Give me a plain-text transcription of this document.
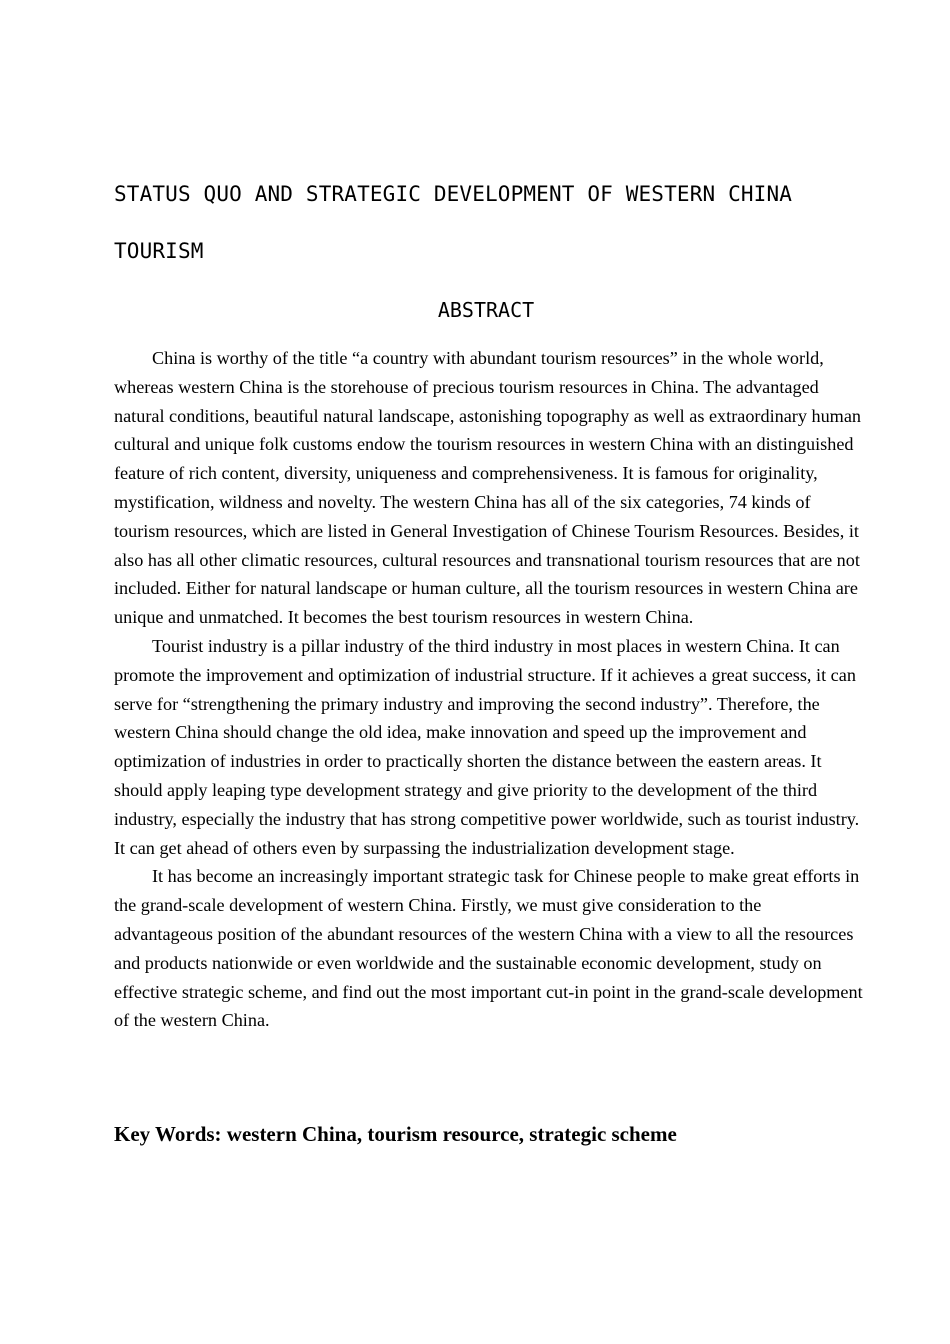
STATUS QUO AND STRATEGIC DEVELOPMENT OF WESTERN CHINA TOURISM
ABSTRACT

China is worthy of the title “a country with abundant tourism resources” in the whole world, whereas western China is the storehouse of precious tourism resources in China. The advantaged natural conditions, beautiful natural landscape, astonishing topography as well as extraordinary human cultural and unique folk customs endow the tourism resources in western China with an distinguished feature of rich content, diversity, uniqueness and comprehensiveness. It is famous for originality, mystification, wildness and novelty. The western China has all of the six categories, 74 kinds of tourism resources, which are listed in General Investigation of Chinese Tourism Resources. Besides, it also has all other climatic resources, cultural resources and transnational tourism resources that are not included. Either for natural landscape or human culture, all the tourism resources in western China are unique and unmatched. It becomes the best tourism resources in western China.

Tourist industry is a pillar industry of the third industry in most places in western China. It can promote the improvement and optimization of industrial structure. If it achieves a great success, it can serve for “strengthening the primary industry and improving the second industry”. Therefore, the western China should change the old idea, make innovation and speed up the improvement and optimization of industries in order to practically shorten the distance between the eastern areas. It should apply leaping type development strategy and give priority to the development of the third industry, especially the industry that has strong competitive power worldwide, such as tourist industry. It can get ahead of others even by surpassing the industrialization development stage.

It has become an increasingly important strategic task for Chinese people to make great efforts in the grand-scale development of western China. Firstly, we must give consideration to the advantageous position of the abundant resources of the western China with a view to all the resources and products nationwide or even worldwide and the sustainable economic development, study on effective strategic scheme, and find out the most important cut-in point in the grand-scale development of the western China.

Key Words: western China, tourism resource, strategic scheme
